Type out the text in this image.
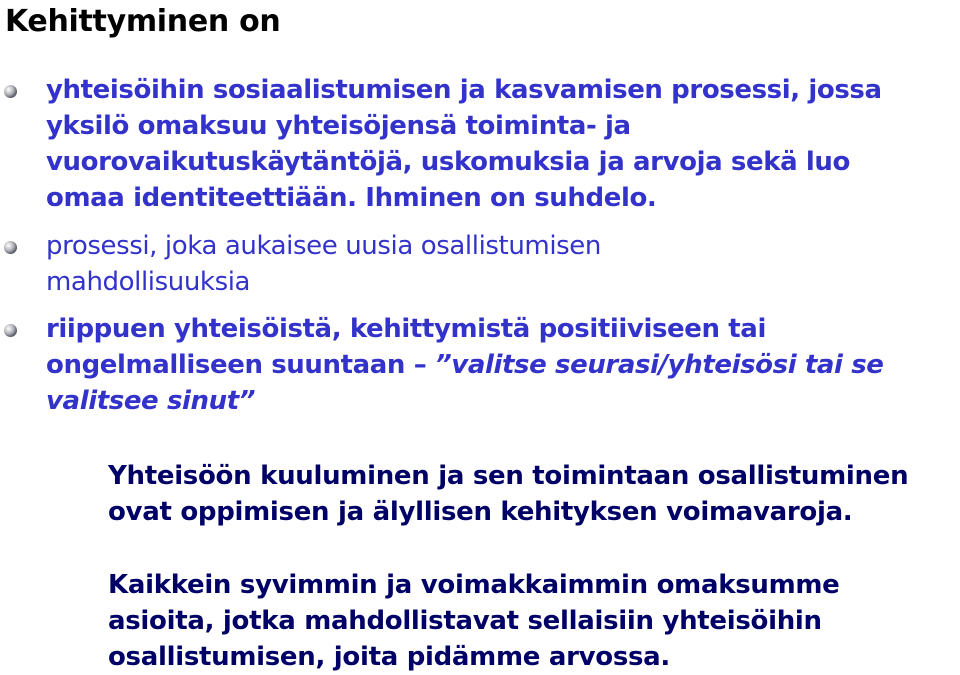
Kehittyminen on
yhteisöihin sosiaalistumisen ja kasvamisen prosessi, jossa
yksilö omaksuu yhteisöjensä toiminta- ja
vuorovaikutuskäytäntöjä, uskomuksia ja arvoja sekä luo
omaa identiteettiään. Ihminen on suhdelo.
prosessi, joka aukaisee uusia osallistumisen
mahdollisuuksia
riippuen yhteisöistä, kehittymistä positiiviseen tai
ongelmalliseen suuntaan – ”valitse seurasi/yhteisösi tai se
valitsee sinut”
Yhteisöön kuuluminen ja sen toimintaan osallistuminen
ovat oppimisen ja älyllisen kehityksen voimavaroja.
Kaikkein syvimmin ja voimakkaimmin omaksumme
asioita, jotka mahdollistavat sellaisiin yhteisöihin
osallistumisen, joita pidämme arvossa.
